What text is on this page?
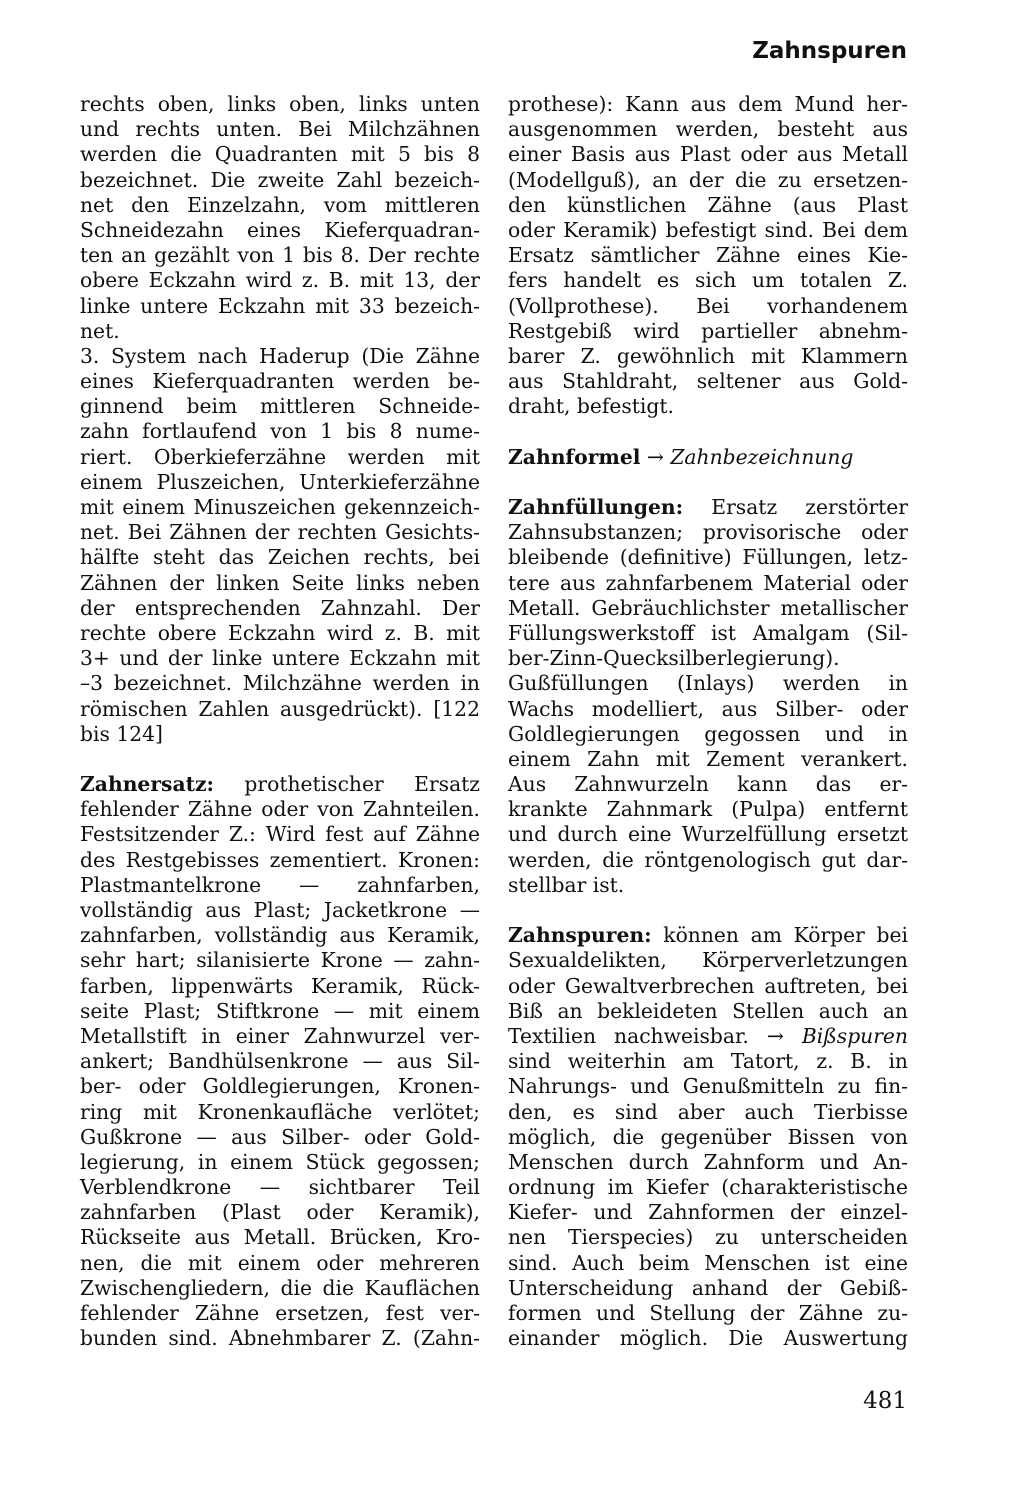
Zahnspuren
rechts oben, links oben, links unten
und rechts unten. Bei Milchzähnen
werden die Quadranten mit 5 bis 8
bezeichnet. Die zweite Zahl bezeich-
net den Einzelzahn, vom mittleren
Schneidezahn eines Kieferquadran-
ten an gezählt von 1 bis 8. Der rechte
obere Eckzahn wird z. B. mit 13, der
linke untere Eckzahn mit 33 bezeich-
net.
3. System nach Haderup (Die Zähne
eines Kieferquadranten werden be-
ginnend beim mittleren Schneide-
zahn fortlaufend von 1 bis 8 nume-
riert. Oberkieferzähne werden mit
einem Pluszeichen, Unterkieferzähne
mit einem Minuszeichen gekennzeich-
net. Bei Zähnen der rechten Gesichts-
hälfte steht das Zeichen rechts, bei
Zähnen der linken Seite links neben
der entsprechenden Zahnzahl. Der
rechte obere Eckzahn wird z. B. mit
3+ und der linke untere Eckzahn mit
–3 bezeichnet. Milchzähne werden in
römischen Zahlen ausgedrückt). [122
bis 124]
Zahnersatz: prothetischer Ersatz
fehlender Zähne oder von Zahnteilen.
Festsitzender Z.: Wird fest auf Zähne
des Restgebisses zementiert. Kronen:
Plastmantelkrone — zahnfarben,
vollständig aus Plast; Jacketkrone —
zahnfarben, vollständig aus Keramik,
sehr hart; silanisierte Krone — zahn-
farben, lippenwärts Keramik, Rück-
seite Plast; Stiftkrone — mit einem
Metallstift in einer Zahnwurzel ver-
ankert; Bandhülsenkrone — aus Sil-
ber- oder Goldlegierungen, Kronen-
ring mit Kronenkaufläche verlötet;
Gußkrone — aus Silber- oder Gold-
legierung, in einem Stück gegossen;
Verblendkrone — sichtbarer Teil
zahnfarben (Plast oder Keramik),
Rückseite aus Metall. Brücken, Kro-
nen, die mit einem oder mehreren
Zwischengliedern, die die Kauflächen
fehlender Zähne ersetzen, fest ver-
bunden sind. Abnehmbarer Z. (Zahn-
prothese): Kann aus dem Mund her-
ausgenommen werden, besteht aus
einer Basis aus Plast oder aus Metall
(Modellguß), an der die zu ersetzen-
den künstlichen Zähne (aus Plast
oder Keramik) befestigt sind. Bei dem
Ersatz sämtlicher Zähne eines Kie-
fers handelt es sich um totalen Z.
(Vollprothese). Bei vorhandenem
Restgebiß wird partieller abnehm-
barer Z. gewöhnlich mit Klammern
aus Stahldraht, seltener aus Gold-
draht, befestigt.
Zahnformel → Zahnbezeichnung
Zahnfüllungen: Ersatz zerstörter
Zahnsubstanzen; provisorische oder
bleibende (definitive) Füllungen, letz-
tere aus zahnfarbenem Material oder
Metall. Gebräuchlichster metallischer
Füllungswerkstoff ist Amalgam (Sil-
ber-Zinn-Quecksilberlegierung).
Gußfüllungen (Inlays) werden in
Wachs modelliert, aus Silber- oder
Goldlegierungen gegossen und in
einem Zahn mit Zement verankert.
Aus Zahnwurzeln kann das er-
krankte Zahnmark (Pulpa) entfernt
und durch eine Wurzelfüllung ersetzt
werden, die röntgenologisch gut dar-
stellbar ist.
Zahnspuren: können am Körper bei
Sexualdelikten, Körperverletzungen
oder Gewaltverbrechen auftreten, bei
Biß an bekleideten Stellen auch an
Textilien nachweisbar. → Bißspuren
sind weiterhin am Tatort, z. B. in
Nahrungs- und Genußmitteln zu fin-
den, es sind aber auch Tierbisse
möglich, die gegenüber Bissen von
Menschen durch Zahnform und An-
ordnung im Kiefer (charakteristische
Kiefer- und Zahnformen der einzel-
nen Tierspecies) zu unterscheiden
sind. Auch beim Menschen ist eine
Unterscheidung anhand der Gebiß-
formen und Stellung der Zähne zu-
einander möglich. Die Auswertung
481
